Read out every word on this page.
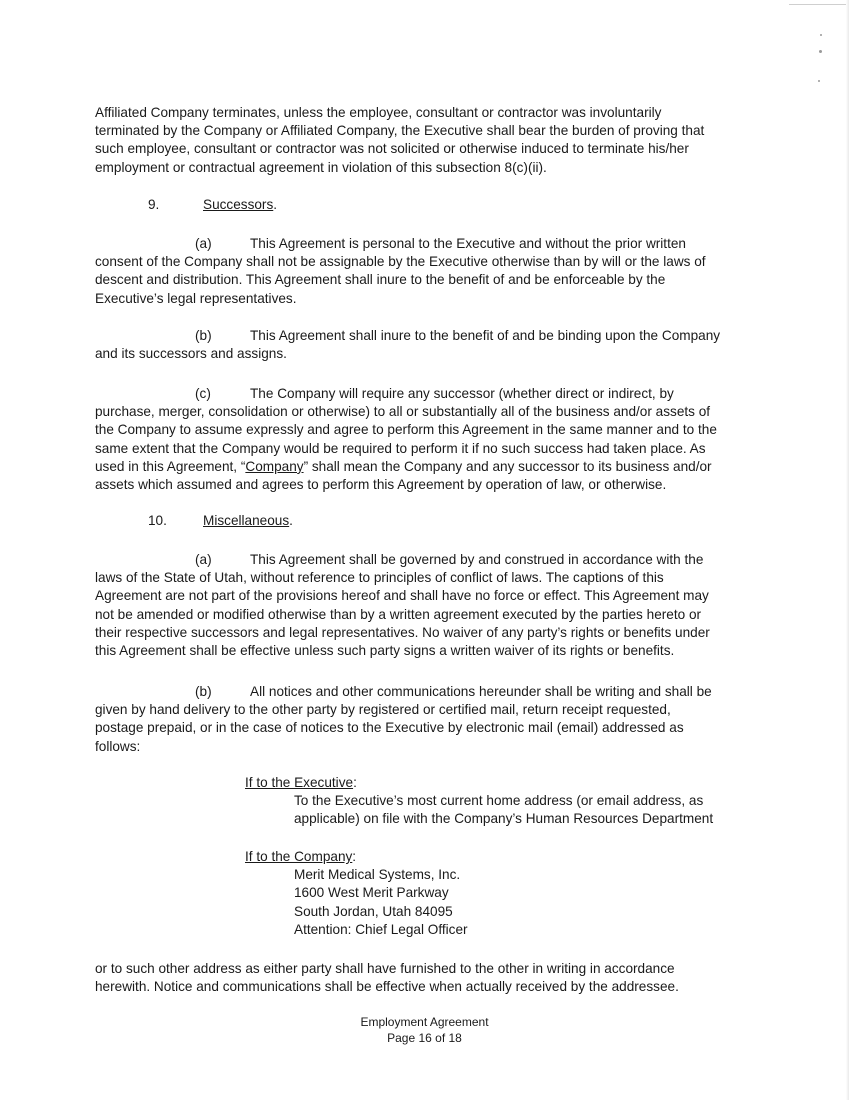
Affiliated Company terminates, unless the employee, consultant or contractor was involuntarily
terminated by the Company or Affiliated Company, the Executive shall bear the burden of proving that
such employee, consultant or contractor was not solicited or otherwise induced to terminate his/her
employment or contractual agreement in violation of this subsection 8(c)(ii).

9.	Successors.

(a)	This Agreement is personal to the Executive and without the prior written
consent of the Company shall not be assignable by the Executive otherwise than by will or the laws of
descent and distribution. This Agreement shall inure to the benefit of and be enforceable by the
Executive’s legal representatives.

(b)	This Agreement shall inure to the benefit of and be binding upon the Company
and its successors and assigns.

(c)	The Company will require any successor (whether direct or indirect, by
purchase, merger, consolidation or otherwise) to all or substantially all of the business and/or assets of
the Company to assume expressly and agree to perform this Agreement in the same manner and to the
same extent that the Company would be required to perform it if no such success had taken place. As
used in this Agreement, “Company” shall mean the Company and any successor to its business and/or
assets which assumed and agrees to perform this Agreement by operation of law, or otherwise.

10.	Miscellaneous.

(a)	This Agreement shall be governed by and construed in accordance with the
laws of the State of Utah, without reference to principles of conflict of laws. The captions of this
Agreement are not part of the provisions hereof and shall have no force or effect. This Agreement may
not be amended or modified otherwise than by a written agreement executed by the parties hereto or
their respective successors and legal representatives. No waiver of any party’s rights or benefits under
this Agreement shall be effective unless such party signs a written waiver of its rights or benefits.

(b)	All notices and other communications hereunder shall be writing and shall be
given by hand delivery to the other party by registered or certified mail, return receipt requested,
postage prepaid, or in the case of notices to the Executive by electronic mail (email) addressed as
follows:

If to the Executive:
To the Executive’s most current home address (or email address, as
applicable) on file with the Company’s Human Resources Department
If to the Company:
Merit Medical Systems, Inc.
1600 West Merit Parkway
South Jordan, Utah 84095
Attention: Chief Legal Officer

or to such other address as either party shall have furnished to the other in writing in accordance
herewith. Notice and communications shall be effective when actually received by the addressee.

Employment Agreement
Page 16 of 18
